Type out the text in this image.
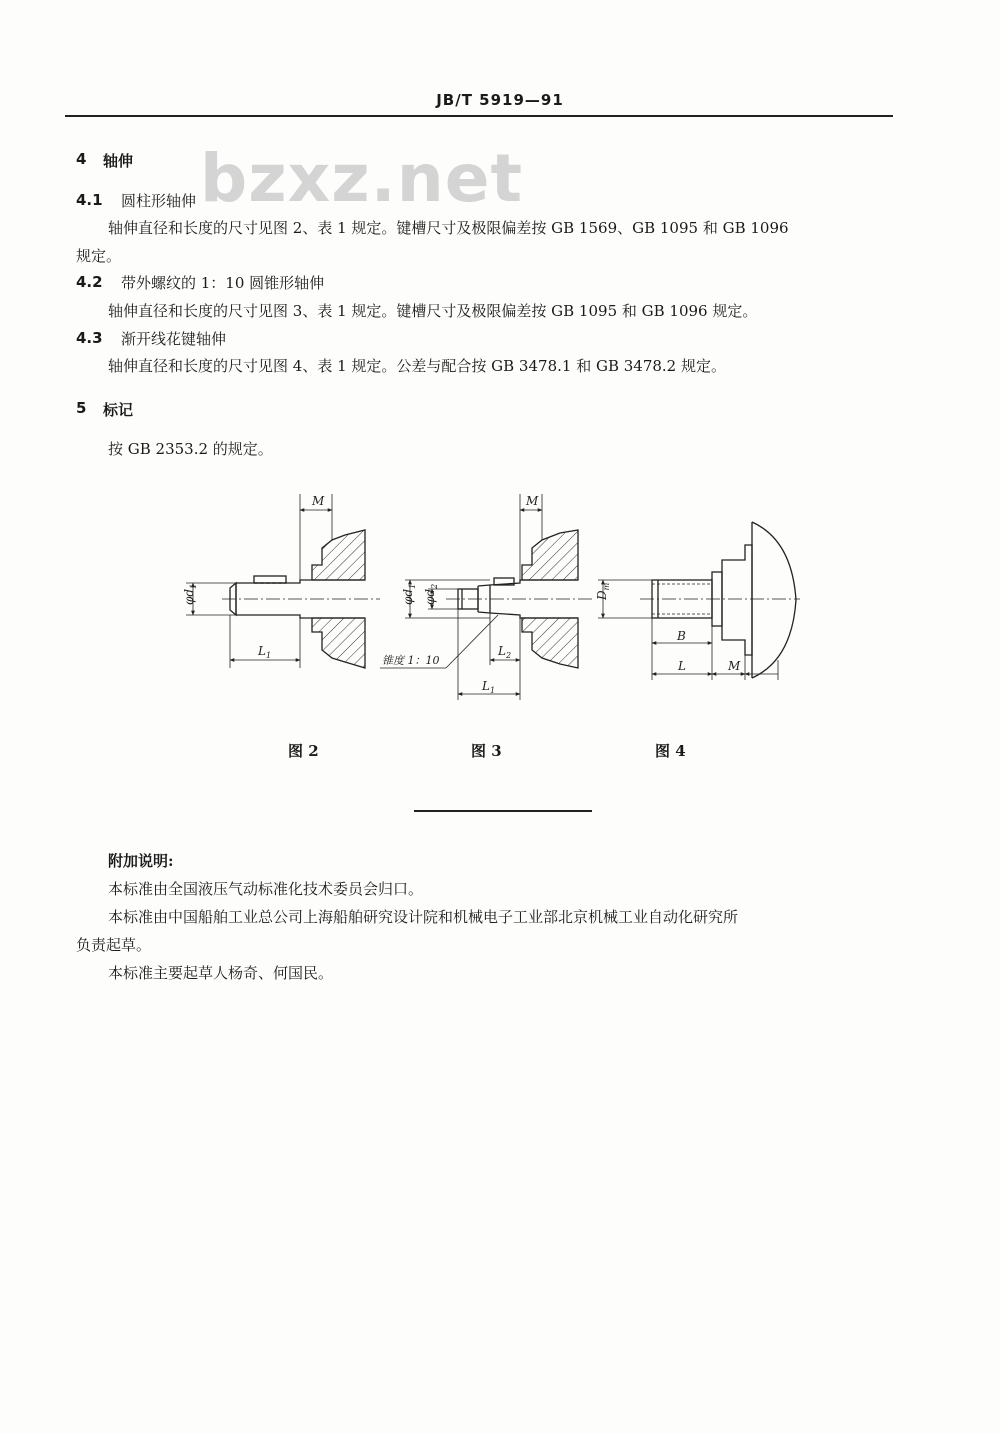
JB/T 5919—91
bzxz.net
4 轴伸
4.1 圆柱形轴伸
轴伸直径和长度的尺寸见图 2、表 1 规定。键槽尺寸及极限偏差按 GB 1569、GB 1095 和 GB 1096
规定。
4.2 带外螺纹的 1：10 圆锥形轴伸
轴伸直径和长度的尺寸见图 3、表 1 规定。键槽尺寸及极限偏差按 GB 1095 和 GB 1096 规定。
4.3 渐开线花键轴伸
轴伸直径和长度的尺寸见图 4、表 1 规定。公差与配合按 GB 3478.1 和 GB 3478.2 规定。
5 标记
按 GB 2353.2 的规定。
M
$\varphi d_1$
$L_1$
M
$\varphi d_1$
$\varphi d_2$
$L_2$
$L_1$
锥度 1：10
$D_m$
B
L	M
图 2	图 3	图 4
附加说明:
本标准由全国液压气动标准化技术委员会归口。
本标准由中国船舶工业总公司上海船舶研究设计院和机械电子工业部北京机械工业自动化研究所
负责起草。
本标准主要起草人杨奇、何国民。
